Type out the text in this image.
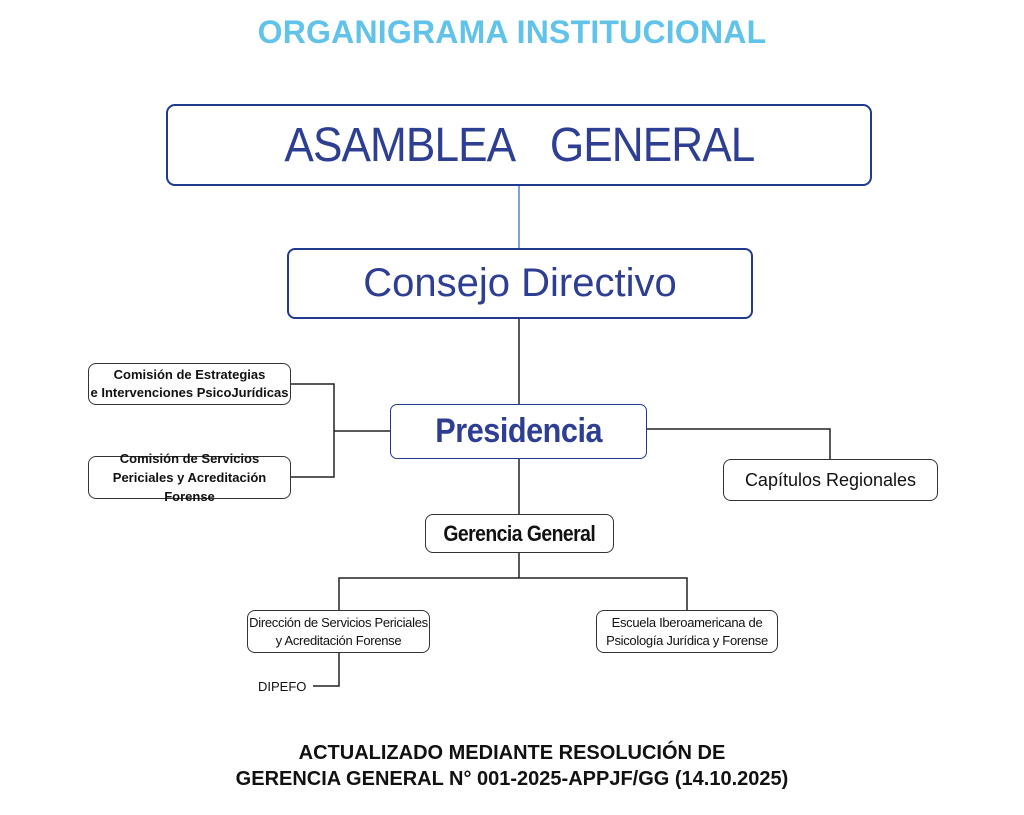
ORGANIGRAMA INSTITUCIONAL
ASAMBLEA GENERAL
Consejo Directivo
Presidencia
Comisión de Estrategias
e Intervenciones PsicoJurídicas
Comisión de Servicios
Periciales y Acreditación Forense
Capítulos Regionales
Gerencia General
Dirección de Servicios Periciales
y Acreditación Forense
Escuela Iberoamericana de
Psicología Jurídica y Forense
DIPEFO
ACTUALIZADO MEDIANTE RESOLUCIÓN DE
GERENCIA GENERAL N° 001-2025-APPJF/GG (14.10.2025)
